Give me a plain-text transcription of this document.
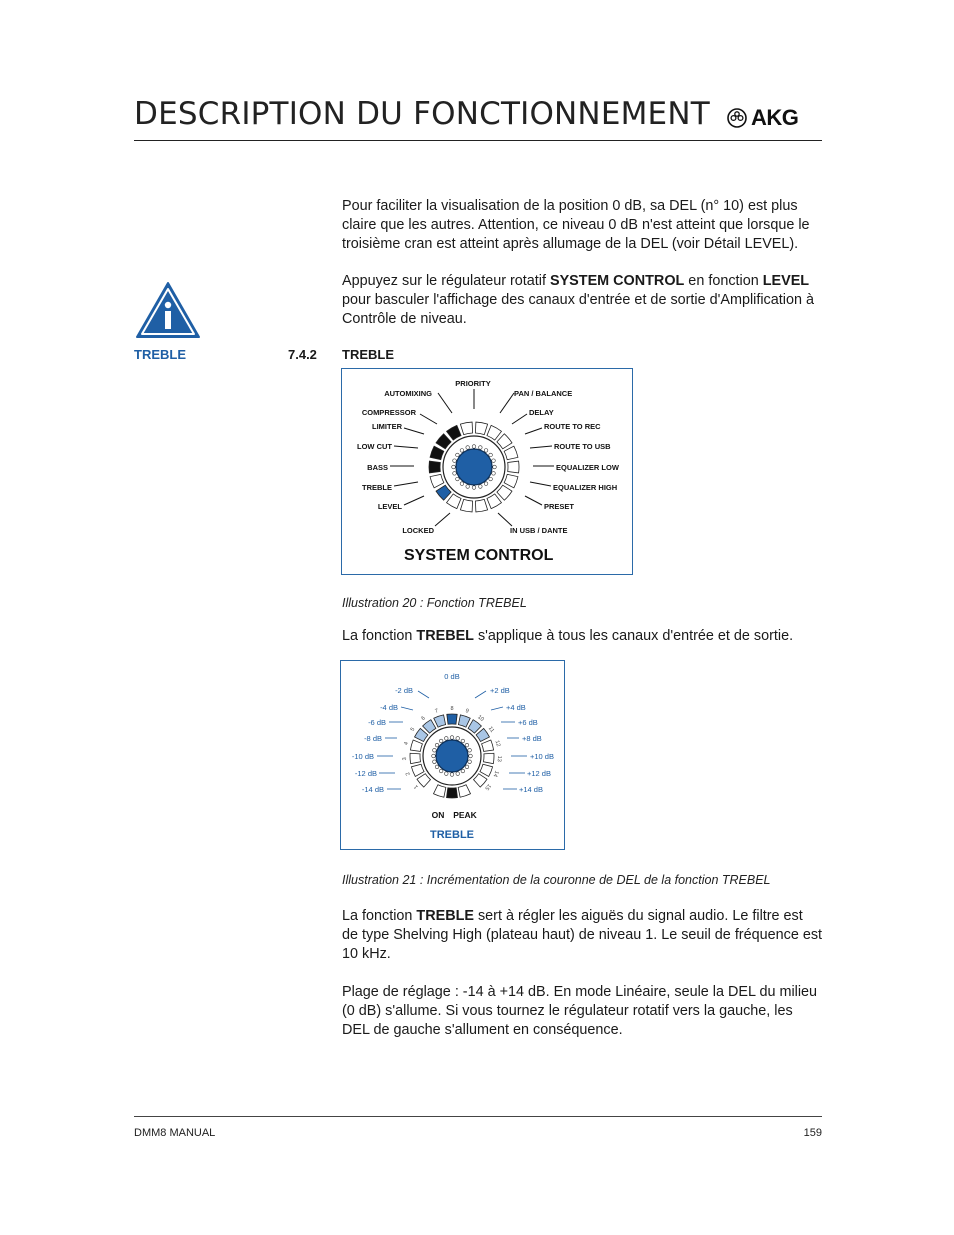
DESCRIPTION DU FONCTIONNEMENT AKG
Pour faciliter la visualisation de la position 0 dB, sa DEL (n° 10) est plus claire que les autres. Attention, ce niveau 0 dB n'est atteint que lorsque le troisième cran est atteint après allumage de la DEL (voir Détail LEVEL).
Appuyez sur le régulateur rotatif SYSTEM CONTROL en fonction LEVEL pour basculer l'affichage des canaux d'entrée et de sortie d'Amplification à Contrôle de niveau.
TREBLE	7.4.2 TREBLE
PRIORITY
AUTOMIXING
COMPRESSOR
LIMITER
LOW CUT
BASS
TREBLE
LEVEL
LOCKED
PAN / BALANCE
DELAY
ROUTE TO REC
ROUTE TO USB
EQUALIZER LOW
EQUALIZER HIGH
PRESET
IN USB / DANTE
SYSTEM CONTROL
Illustration 20 : Fonction TREBEL
La fonction TREBEL s'applique à tous les canaux d'entrée et de sortie.
1
2
3
4
5
6
7 8 9
10
11
12
13
14
15
0 dB
-2 dB
-4 dB
-6 dB
-8 dB
-10 dB
-12 dB
-14 dB
+2 dB
+4 dB
+6 dB
+8 dB
+10 dB
+12 dB
+14 dB
ON PEAK
TREBLE
Illustration 21 : Incrémentation de la couronne de DEL de la fonction TREBEL
La fonction TREBLE sert à régler les aiguës du signal audio. Le filtre est de type Shelving High (plateau haut) de niveau 1. Le seuil de fréquence est 10 kHz.
Plage de réglage : -14 à +14 dB. En mode Linéaire, seule la DEL du milieu (0 dB) s'allume. Si vous tournez le régulateur rotatif vers la gauche, les DEL de gauche s'allument en conséquence.
DMM8 MANUAL	159
